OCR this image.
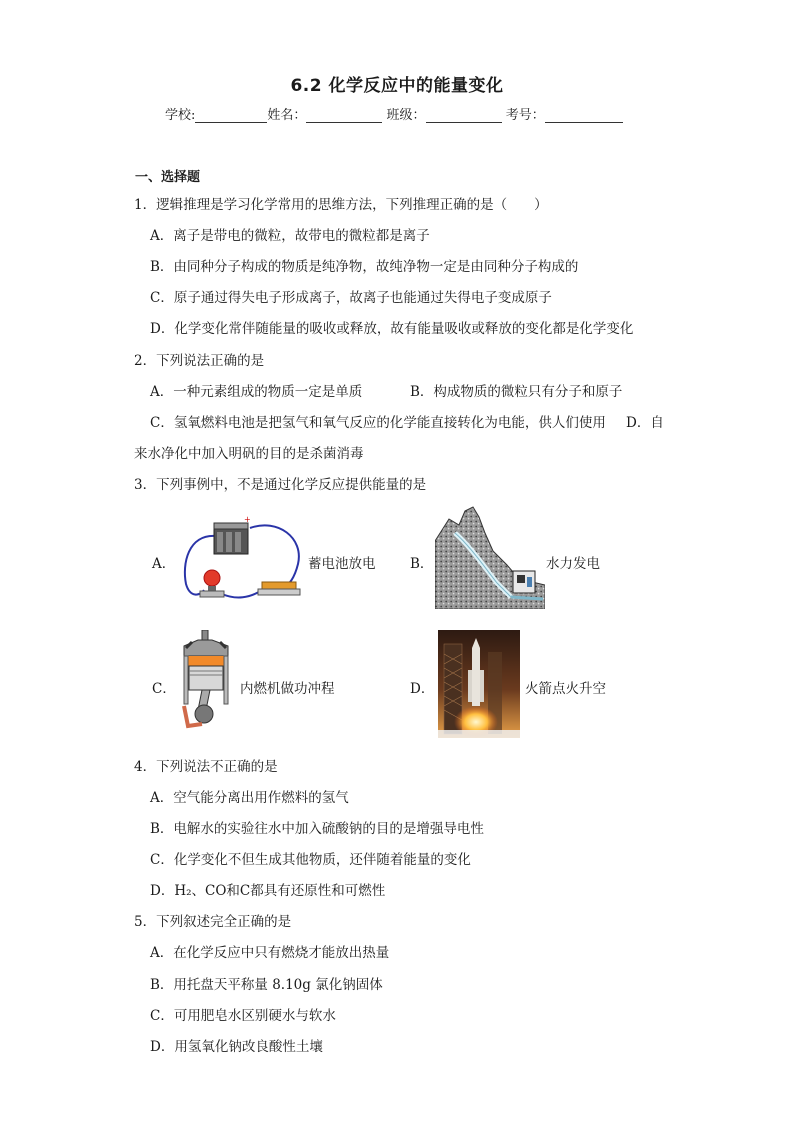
6.2 化学反应中的能量变化
学校:	姓名：	班级：	考号：
一、选择题
1．逻辑推理是学习化学常用的思维方法，下列推理正确的是（　　）
A．离子是带电的微粒，故带电的微粒都是离子
B．由同种分子构成的物质是纯净物，故纯净物一定是由同种分子构成的
C．原子通过得失电子形成离子，故离子也能通过失得电子变成原子
D．化学变化常伴随能量的吸收或释放，故有能量吸收或释放的变化都是化学变化
2．下列说法正确的是
A．一种元素组成的物质一定是单质	B．构成物质的微粒只有分子和原子
C．氢氧燃料电池是把氢气和氧气反应的化学能直接转化为电能，供人们使用 D．自
来水净化中加入明矾的目的是杀菌消毒
3．下列事例中，不是通过化学反应提供能量的是
A．
+
蓄电池放电	B．	水力发电
C．	内燃机做功冲程	D．	火箭点火升空
4．下列说法不正确的是
A．空气能分离出用作燃料的氢气
B．电解水的实验往水中加入硫酸钠的目的是增强导电性
C．化学变化不但生成其他物质，还伴随着能量的变化
D．H₂、CO和C都具有还原性和可燃性
5．下列叙述完全正确的是
A．在化学反应中只有燃烧才能放出热量
B．用托盘天平称量 8.10g 氯化钠固体
C．可用肥皂水区别硬水与软水
D．用氢氧化钠改良酸性土壤
